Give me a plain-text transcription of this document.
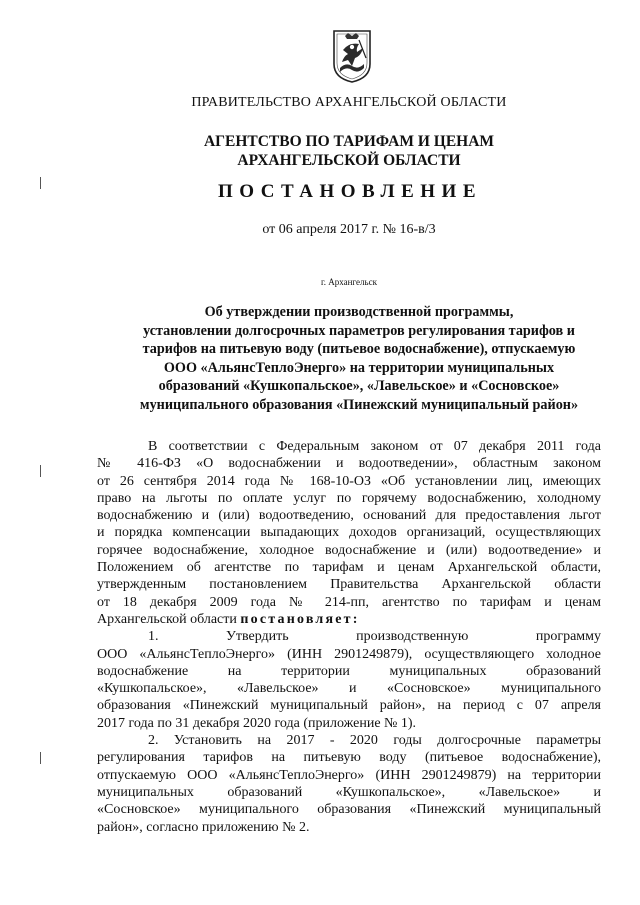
ПРАВИТЕЛЬСТВО АРХАНГЕЛЬСКОЙ ОБЛАСТИ
АГЕНТСТВО ПО ТАРИФАМ И ЦЕНАМ
АРХАНГЕЛЬСКОЙ ОБЛАСТИ
ПОСТАНОВЛЕНИЕ
от 06 апреля 2017 г. № 16-в/3
г. Архангельск
Об утверждении производственной программы,
установлении долгосрочных параметров регулирования тарифов и
тарифов на питьевую воду (питьевое водоснабжение), отпускаемую
ООО «АльянсТеплоЭнерго» на территории муниципальных
образований «Кушкопальское», «Лавельское» и «Сосновское»
муниципального образования «Пинежский муниципальный район»
В соответствии с Федеральным законом от 07 декабря 2011 года
№ 416-ФЗ «О водоснабжении и водоотведении», областным законом
от 26 сентября 2014 года № 168-10-ОЗ «Об установлении лиц, имеющих
право на льготы по оплате услуг по горячему водоснабжению, холодному
водоснабжению и (или) водоотведению, оснований для предоставления льгот
и порядка компенсации выпадающих доходов организаций, осуществляющих
горячее водоснабжение, холодное водоснабжение и (или) водоотведение» и
Положением об агентстве по тарифам и ценам Архангельской области,
утвержденным постановлением Правительства Архангельской области
от 18 декабря 2009 года № 214-пп, агентство по тарифам и ценам
Архангельской области постановляет:
1. Утвердить производственную программу
ООО «АльянсТеплоЭнерго» (ИНН 2901249879), осуществляющего холодное
водоснабжение на территории муниципальных образований
«Кушкопальское», «Лавельское» и «Сосновское» муниципального
образования «Пинежский муниципальный район», на период с 07 апреля
2017 года по 31 декабря 2020 года (приложение № 1).
2. Установить на 2017 - 2020 годы долгосрочные параметры
регулирования тарифов на питьевую воду (питьевое водоснабжение),
отпускаемую ООО «АльянсТеплоЭнерго» (ИНН 2901249879) на территории
муниципальных образований «Кушкопальское», «Лавельское» и
«Сосновское» муниципального образования «Пинежский муниципальный
район», согласно приложению № 2.
